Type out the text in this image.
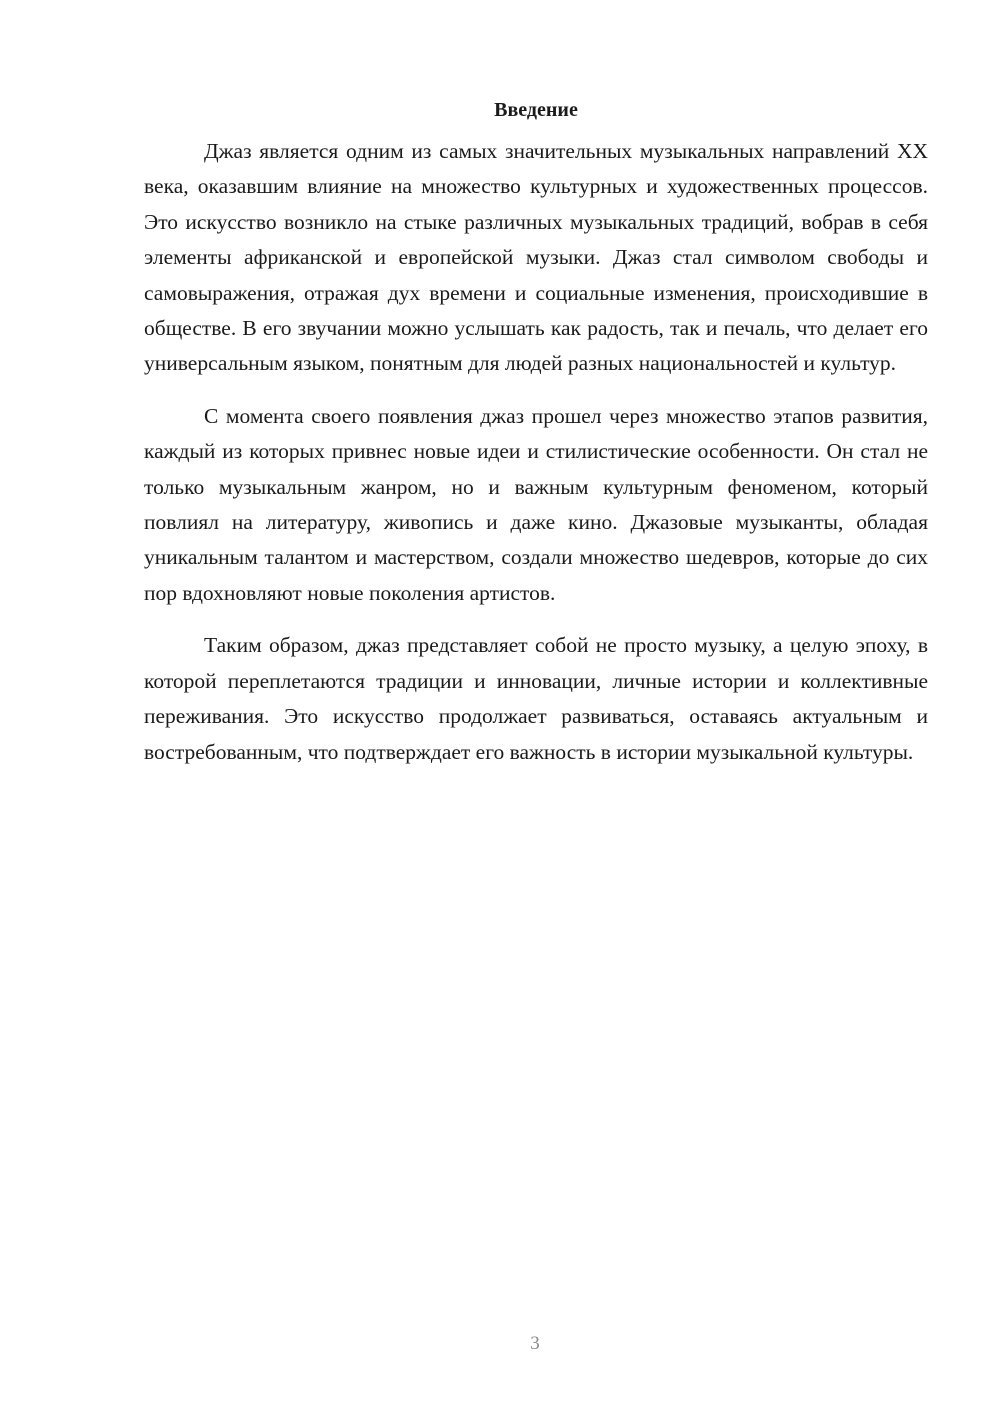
Введение

Джаз является одним из самых значительных музыкальных направлений XX века, оказавшим влияние на множество культурных и художественных процессов. Это искусство возникло на стыке различных музыкальных традиций, вобрав в себя элементы африканской и европейской музыки. Джаз стал символом свободы и самовыражения, отражая дух времени и социальные изменения, происходившие в обществе. В его звучании можно услышать как радость, так и печаль, что делает его универсальным языком, понятным для людей разных национальностей и культур.

С момента своего появления джаз прошел через множество этапов развития, каждый из которых привнес новые идеи и стилистические особенности. Он стал не только музыкальным жанром, но и важным культурным феноменом, который повлиял на литературу, живопись и даже кино. Джазовые музыканты, обладая уникальным талантом и мастерством, создали множество шедевров, которые до сих пор вдохновляют новые поколения артистов.

Таким образом, джаз представляет собой не просто музыку, а целую эпоху, в которой переплетаются традиции и инновации, личные истории и коллективные переживания. Это искусство продолжает развиваться, оставаясь актуальным и востребованным, что подтверждает его важность в истории музыкальной культуры.

3
